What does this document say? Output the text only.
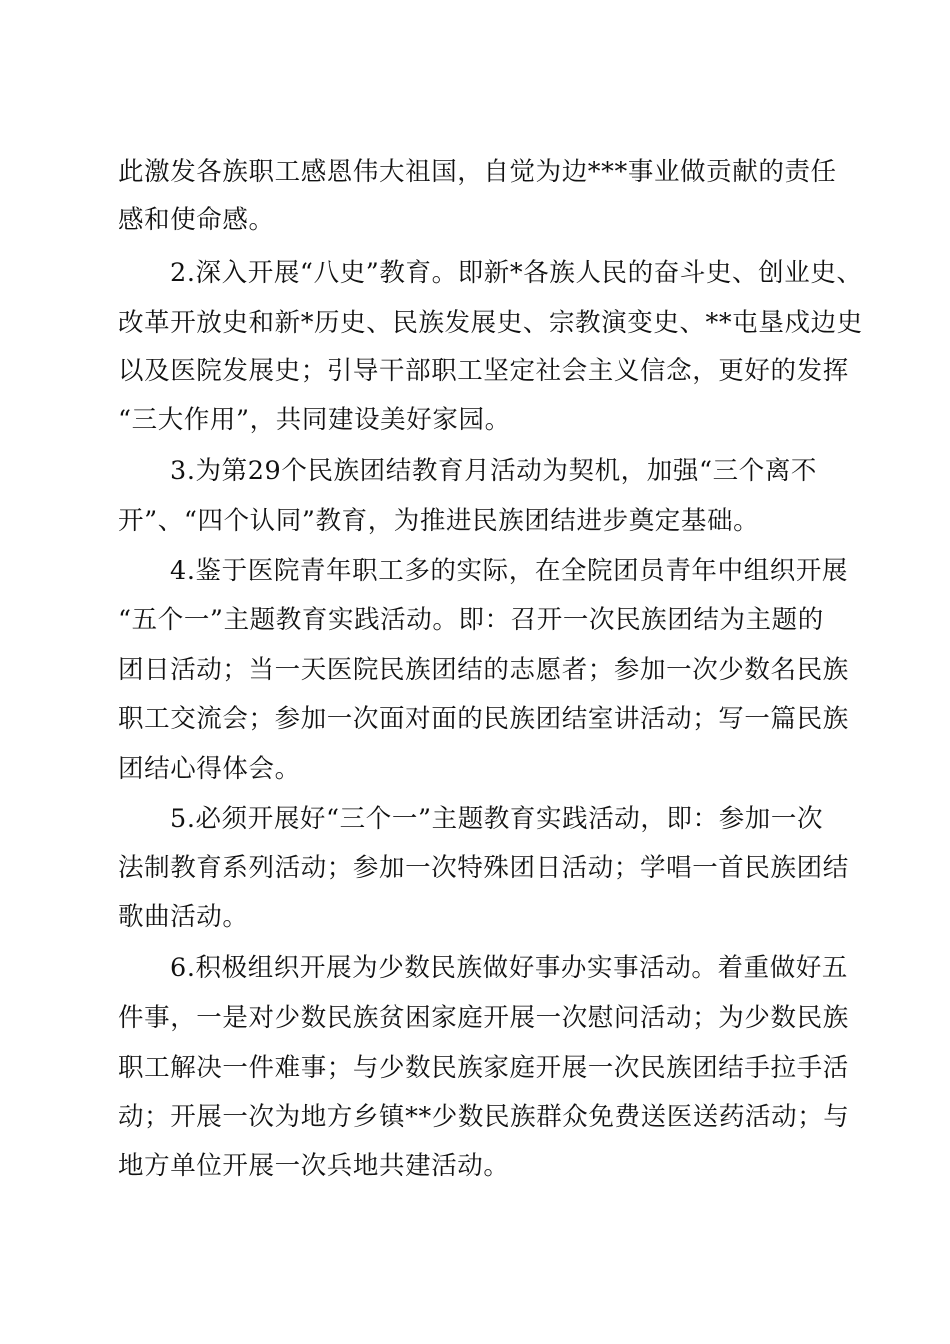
此激发各族职工感恩伟大祖国，自觉为边***事业做贡献的责任
感和使命感。
2.深入开展“八史”教育。即新*各族人民的奋斗史、创业史、
改革开放史和新*历史、民族发展史、宗教演变史、**屯垦戍边史
以及医院发展史；引导干部职工坚定社会主义信念，更好的发挥
“三大作用”，共同建设美好家园。
3.为第29个民族团结教育月活动为契机，加强“三个离不
开”、“四个认同”教育，为推进民族团结进步奠定基础。
4.鉴于医院青年职工多的实际，在全院团员青年中组织开展
“五个一”主题教育实践活动。即：召开一次民族团结为主题的
团日活动；当一天医院民族团结的志愿者；参加一次少数名民族
职工交流会；参加一次面对面的民族团结室讲活动；写一篇民族
团结心得体会。
5.必须开展好“三个一”主题教育实践活动，即：参加一次
法制教育系列活动；参加一次特殊团日活动；学唱一首民族团结
歌曲活动。
6.积极组织开展为少数民族做好事办实事活动。着重做好五
件事，一是对少数民族贫困家庭开展一次慰问活动；为少数民族
职工解决一件难事；与少数民族家庭开展一次民族团结手拉手活
动；开展一次为地方乡镇**少数民族群众免费送医送药活动；与
地方单位开展一次兵地共建活动。
